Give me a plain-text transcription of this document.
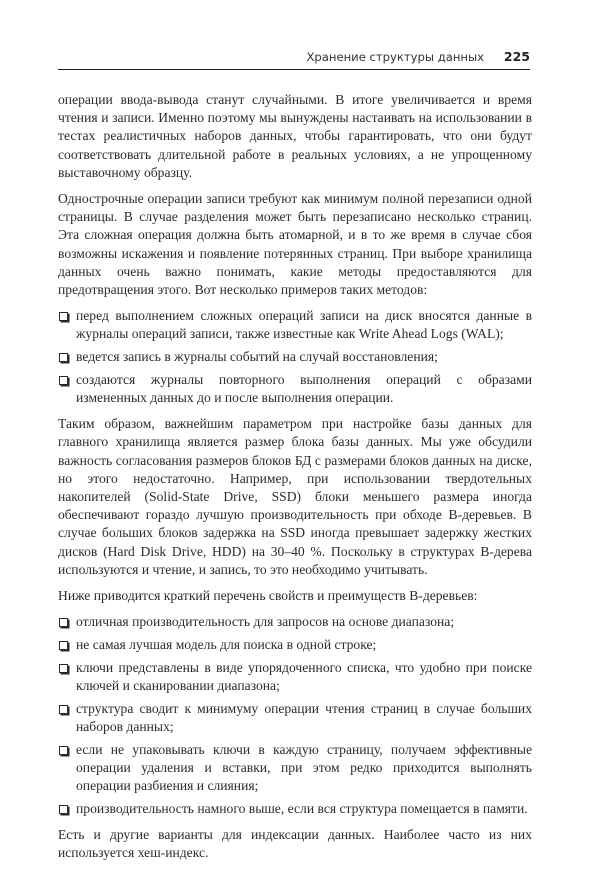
Хранение структуры данных 225

операции ввода-вывода станут случайными. В итоге увеличивается и время чтения и записи. Именно поэтому мы вынуждены настаивать на использовании в тестах реалистичных наборов данных, чтобы гарантировать, что они будут соответствовать длительной работе в реальных условиях, а не упрощенному выставочному образцу.

Однострочные операции записи требуют как минимум полной перезаписи одной страницы. В случае разделения может быть перезаписано несколько страниц. Эта сложная операция должна быть атомарной, и в то же время в случае сбоя возможны искажения и появление потерянных страниц. При выборе хранилища данных очень важно понимать, какие методы предоставляются для предотвращения этого. Вот несколько примеров таких методов:

перед выполнением сложных операций записи на диск вносятся данные в журналы операций записи, также известные как Write Ahead Logs (WAL);
ведется запись в журналы событий на случай восстановления;
создаются журналы повторного выполнения операций с образами измененных данных до и после выполнения операции.

Таким образом, важнейшим параметром при настройке базы данных для главного хранилища является размер блока базы данных. Мы уже обсудили важность согласования размеров блоков БД с размерами блоков данных на диске, но этого недостаточно. Например, при использовании твердотельных накопителей (Solid-State Drive, SSD) блоки меньшего размера иногда обеспечивают гораздо лучшую производительность при обходе B-деревьев. В случае больших блоков задержка на SSD иногда превышает задержку жестких дисков (Hard Disk Drive, HDD) на 30–40 %. Поскольку в структурах B-дерева используются и чтение, и запись, то это необходимо учитывать.

Ниже приводится краткий перечень свойств и преимуществ B-деревьев:

отличная производительность для запросов на основе диапазона;
не самая лучшая модель для поиска в одной строке;
ключи представлены в виде упорядоченного списка, что удобно при поиске ключей и сканировании диапазона;
структура сводит к минимуму операции чтения страниц в случае больших наборов данных;
если не упаковывать ключи в каждую страницу, получаем эффективные операции удаления и вставки, при этом редко приходится выполнять операции разбиения и слияния;
производительность намного выше, если вся структура помещается в памяти.

Есть и другие варианты для индексации данных. Наиболее часто из них используется хеш-индекс.
